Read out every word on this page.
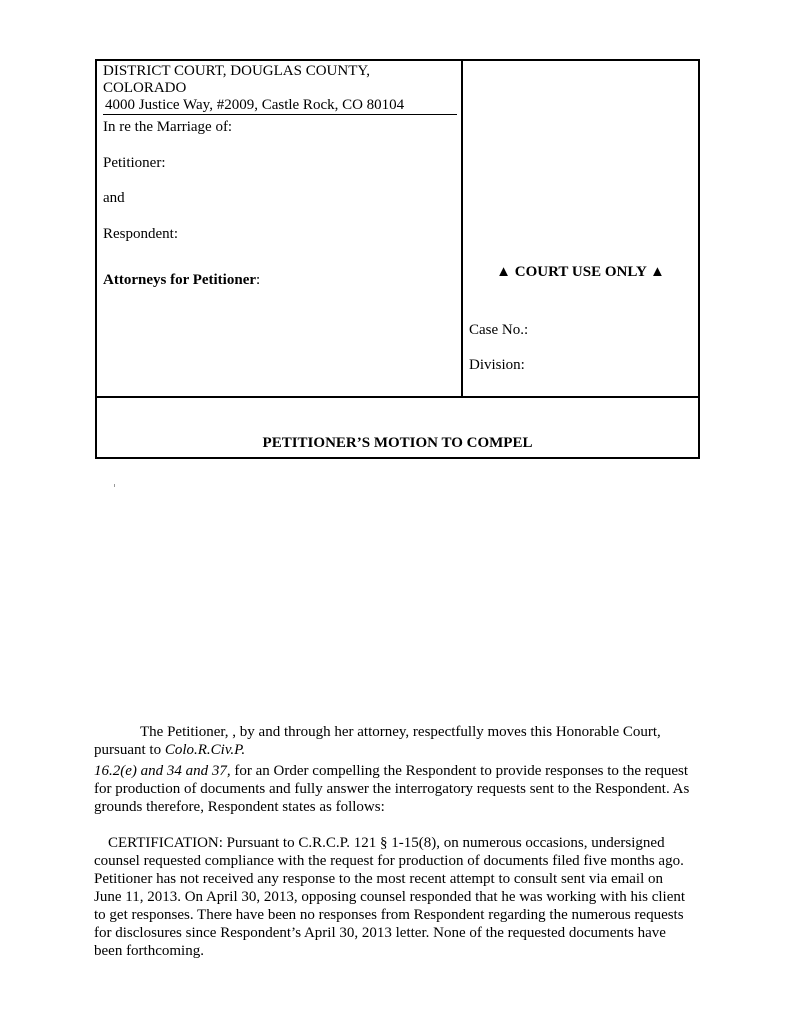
DISTRICT COURT, DOUGLAS COUNTY,
COLORADO
4000 Justice Way, #2009, Castle Rock, CO 80104
In re the Marriage of:
Petitioner:
and
Respondent:
Attorneys for Petitioner:	▲ COURT USE ONLY ▲
Case No.:
Division:
PETITIONER’S MOTION TO COMPEL
The Petitioner, , by and through her attorney, respectfully moves this Honorable Court,
pursuant to Colo.R.Civ.P.
16.2(e) and 34 and 37, for an Order compelling the Respondent to provide responses to the request for production of documents and fully answer the interrogatory requests sent to the Respondent. As grounds therefore, Respondent states as follows:
CERTIFICATION: Pursuant to C.R.C.P. 121 § 1-15(8), on numerous occasions, undersigned counsel requested compliance with the request for production of documents filed five months ago. Petitioner has not received any response to the most recent attempt to consult sent via email on June 11, 2013. On April 30, 2013, opposing counsel responded that he was working with his client to get responses. There have been no responses from Respondent regarding the numerous requests for disclosures since Respondent’s April 30, 2013 letter. None of the requested documents have been forthcoming.
